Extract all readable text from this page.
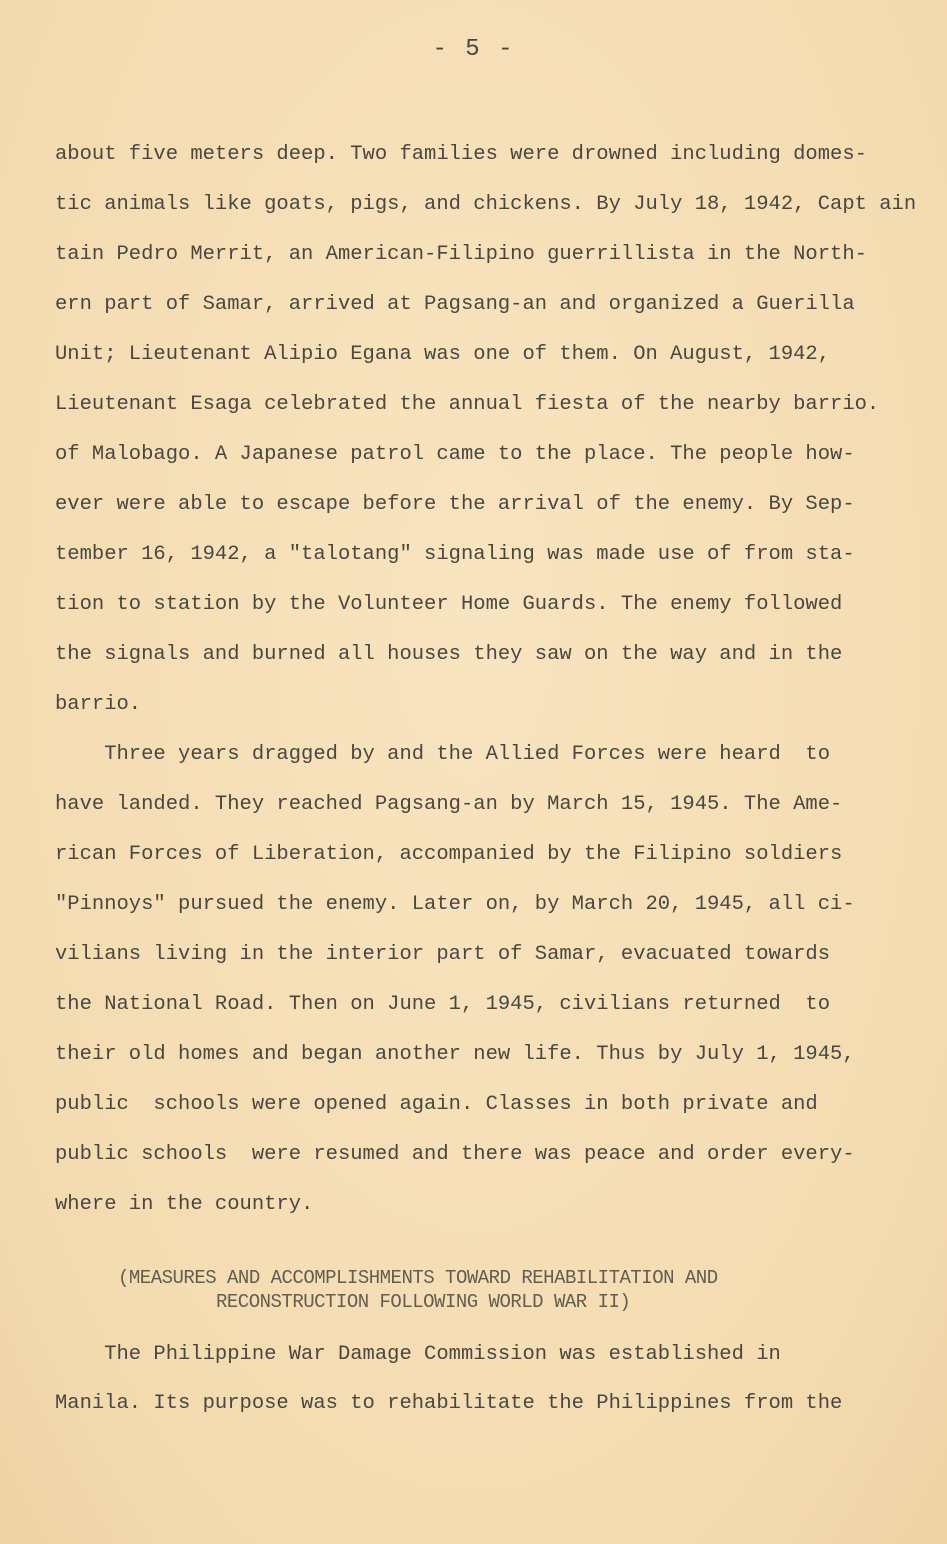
- 5 -
about five meters deep. Two families were drowned including domes-
tic animals like goats, pigs, and chickens. By July 18, 1942, Capt ain
tain Pedro Merrit, an American-Filipino guerrillista in the North-
ern part of Samar, arrived at Pagsang-an and organized a Guerilla
Unit; Lieutenant Alipio Egana was one of them. On August, 1942,
Lieutenant Esaga celebrated the annual fiesta of the nearby barrio.
of Malobago. A Japanese patrol came to the place. The people how-
ever were able to escape before the arrival of the enemy. By Sep-
tember 16, 1942, a "talotang" signaling was made use of from sta-
tion to station by the Volunteer Home Guards. The enemy followed
the signals and burned all houses they saw on the way and in the
barrio.
Three years dragged by and the Allied Forces were heard  to
have landed. They reached Pagsang-an by March 15, 1945. The Ame-
rican Forces of Liberation, accompanied by the Filipino soldiers
"Pinnoys" pursued the enemy. Later on, by March 20, 1945, all ci-
vilians living in the interior part of Samar, evacuated towards
the National Road. Then on June 1, 1945, civilians returned  to
their old homes and began another new life. Thus by July 1, 1945,
public  schools were opened again. Classes in both private and
public schools  were resumed and there was peace and order every-
where in the country.
(MEASURES AND ACCOMPLISHMENTS TOWARD REHABILITATION AND
RECONSTRUCTION FOLLOWING WORLD WAR II)
The Philippine War Damage Commission was established in
Manila. Its purpose was to rehabilitate the Philippines from the
